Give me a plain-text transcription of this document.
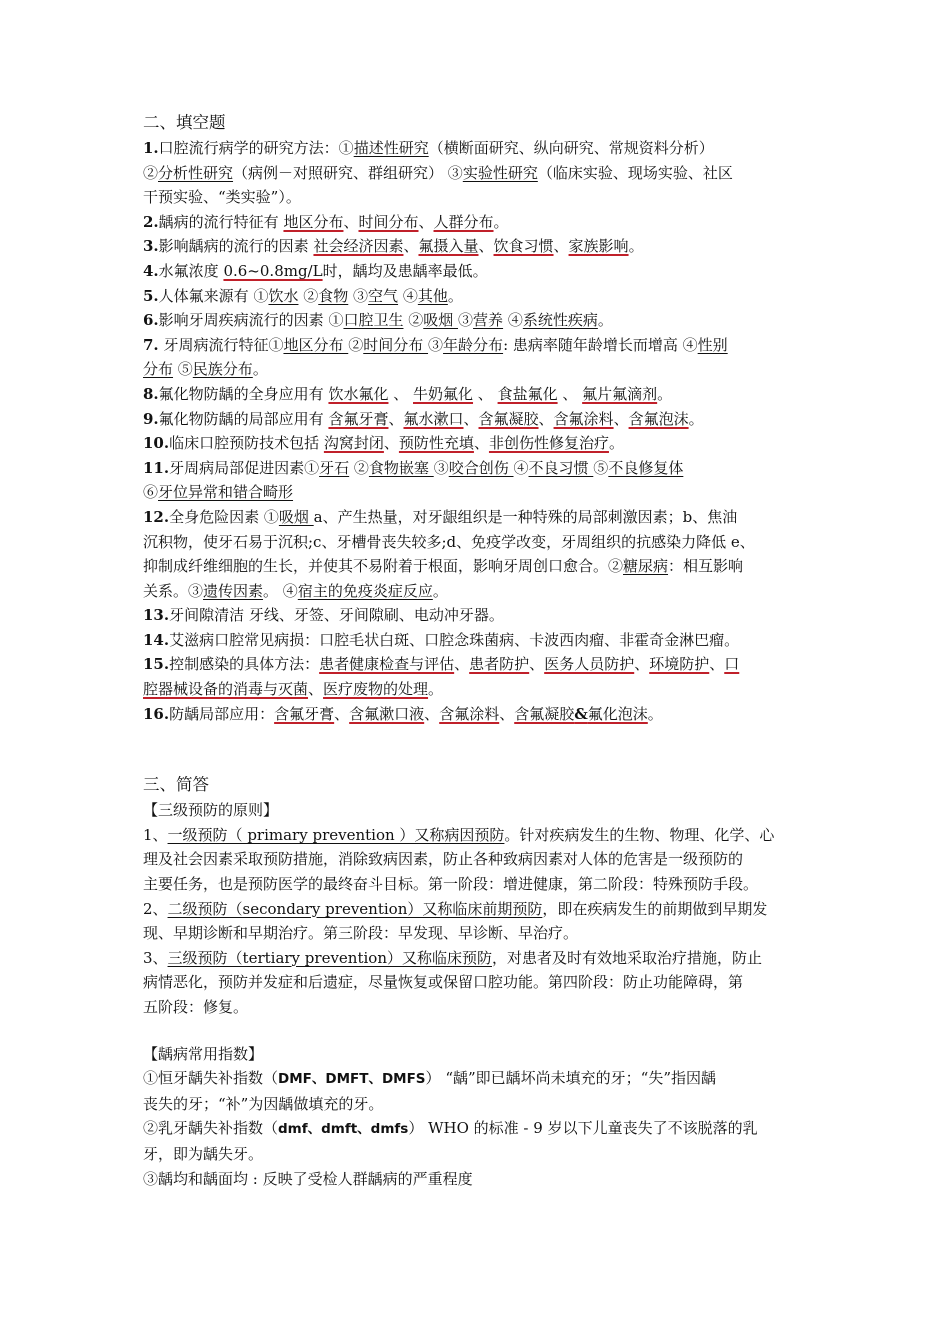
二、填空题
1.口腔流行病学的研究方法：①描述性研究（横断面研究、纵向研究、常规资料分析）
②分析性研究（病例－对照研究、群组研究） ③实验性研究（临床实验、现场实验、社区
干预实验、“类实验”）。
2.龋病的流行特征有 地区分布、时间分布、人群分布。
3.影响龋病的流行的因素 社会经济因素、氟摄入量、饮食习惯、家族影响。
4.水氟浓度 0.6~0.8mg/L时，龋均及患龋率最低。
5.人体氟来源有 ①饮水 ②食物 ③空气 ④其他。
6.影响牙周疾病流行的因素 ①口腔卫生 ②吸烟 ③营养 ④系统性疾病。
7. 牙周病流行特征①地区分布 ②时间分布 ③年龄分布: 患病率随年龄增长而增高 ④性别
分布 ⑤民族分布。
8.氟化物防龋的全身应用有 饮水氟化 、 牛奶氟化 、 食盐氟化 、 氟片氟滴剂。
9.氟化物防龋的局部应用有 含氟牙膏、氟水漱口、含氟凝胶、含氟涂料、含氟泡沫。
10.临床口腔预防技术包括 沟窝封闭、预防性充填、非创伤性修复治疗。
11.牙周病局部促进因素①牙石 ②食物嵌塞 ③咬合创伤 ④不良习惯 ⑤不良修复体
⑥牙位异常和错合畸形
12.全身危险因素 ①吸烟 a、产生热量，对牙龈组织是一种特殊的局部刺激因素；b、焦油
沉积物，使牙石易于沉积;c、牙槽骨丧失较多;d、免疫学改变，牙周组织的抗感染力降低 e、
抑制成纤维细胞的生长，并使其不易附着于根面，影响牙周创口愈合。②糖尿病：相互影响
关系。③遗传因素。 ④宿主的免疫炎症反应。
13.牙间隙清洁 牙线、牙签、牙间隙刷、电动冲牙器。
14.艾滋病口腔常见病损：口腔毛状白斑、口腔念珠菌病、卡波西肉瘤、非霍奇金淋巴瘤。
15.控制感染的具体方法：患者健康检查与评估、患者防护、医务人员防护、环境防护、口
腔器械设备的消毒与灭菌、医疗废物的处理。
16.防龋局部应用：含氟牙膏、含氟漱口液、含氟涂料、含氟凝胶&氟化泡沫。
三、简答
【三级预防的原则】
1、一级预防（ primary prevention ）又称病因预防。针对疾病发生的生物、物理、化学、心
理及社会因素采取预防措施，消除致病因素，防止各种致病因素对人体的危害是一级预防的
主要任务，也是预防医学的最终奋斗目标。第一阶段：增进健康，第二阶段：特殊预防手段。
2、二级预防（secondary prevention）又称临床前期预防，即在疾病发生的前期做到早期发
现、早期诊断和早期治疗。第三阶段：早发现、早诊断、早治疗。
3、三级预防（tertiary prevention）又称临床预防，对患者及时有效地采取治疗措施，防止
病情恶化，预防并发症和后遗症，尽量恢复或保留口腔功能。第四阶段：防止功能障碍，第
五阶段：修复。
【龋病常用指数】
①恒牙龋失补指数（DMF、DMFT、DMFS） “龋”即已龋坏尚未填充的牙；“失”指因龋
丧失的牙；“补”为因龋做填充的牙。
②乳牙龋失补指数（dmf、dmft、dmfs） WHO 的标准 - 9 岁以下儿童丧失了不该脱落的乳
牙，即为龋失牙。
③龋均和龋面均 : 反映了受检人群龋病的严重程度
